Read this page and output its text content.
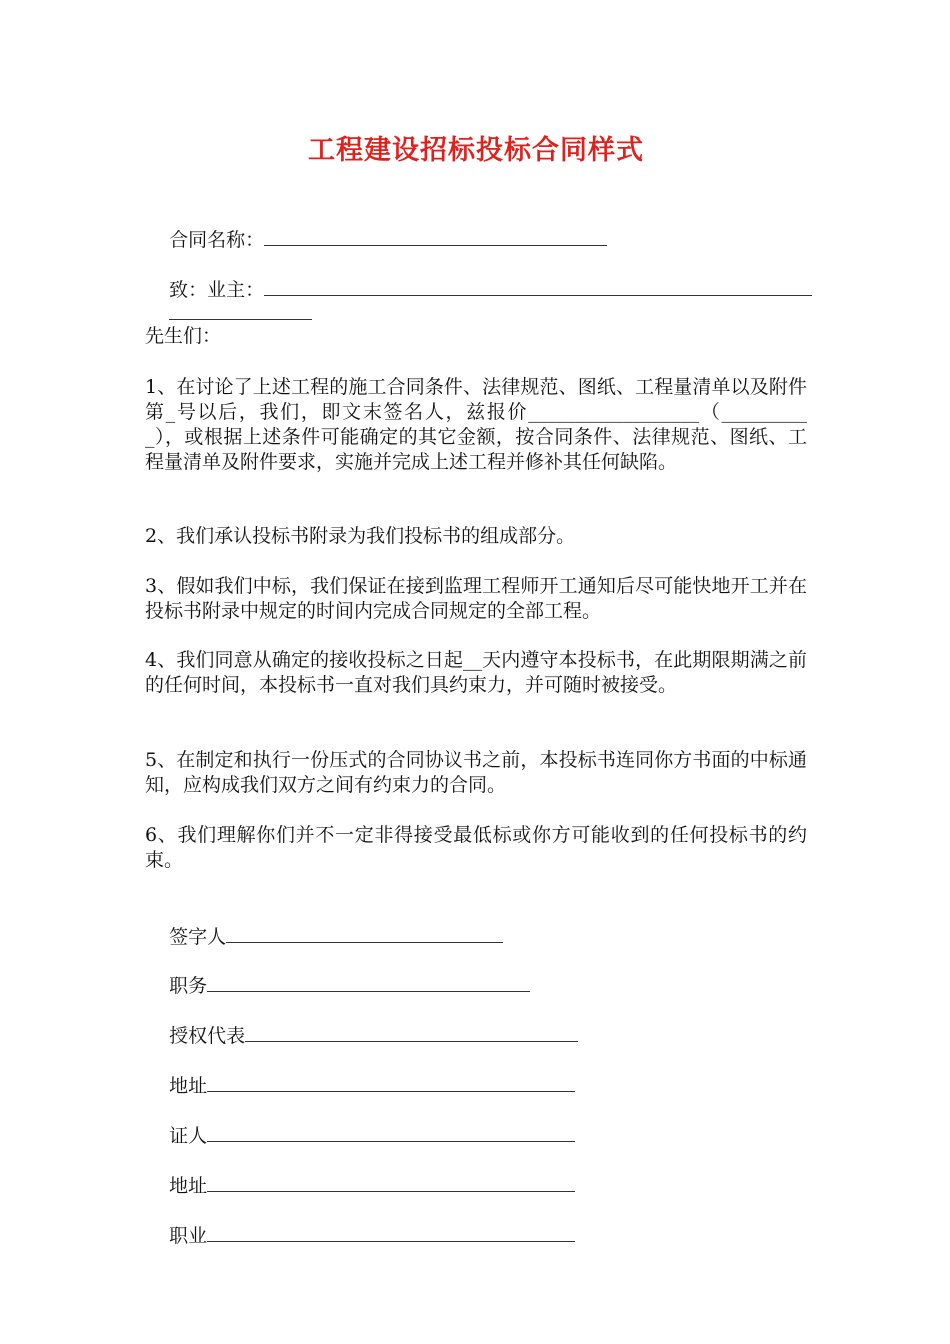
工程建设招标投标合同样式

合同名称：

致：业主：

先生们：
1、在讨论了上述工程的施工合同条件、法律规范、图纸、工程量清单以及附件第_号以后，我们，即文末签名人，兹报价__________________（__________），或根据上述条件可能确定的其它金额，按合同条件、法律规范、图纸、工程量清单及附件要求，实施并完成上述工程并修补其任何缺陷。
2、我们承认投标书附录为我们投标书的组成部分。
3、假如我们中标，我们保证在接到监理工程师开工通知后尽可能快地开工并在投标书附录中规定的时间内完成合同规定的全部工程。
4、我们同意从确定的接收投标之日起__天内遵守本投标书，在此期限期满之前的任何时间，本投标书一直对我们具约束力，并可随时被接受。
5、在制定和执行一份压式的合同协议书之前，本投标书连同你方书面的中标通知，应构成我们双方之间有约束力的合同。
6、我们理解你们并不一定非得接受最低标或你方可能收到的任何投标书的约束。

签字人

职务

授权代表

地址

证人

地址

职业
